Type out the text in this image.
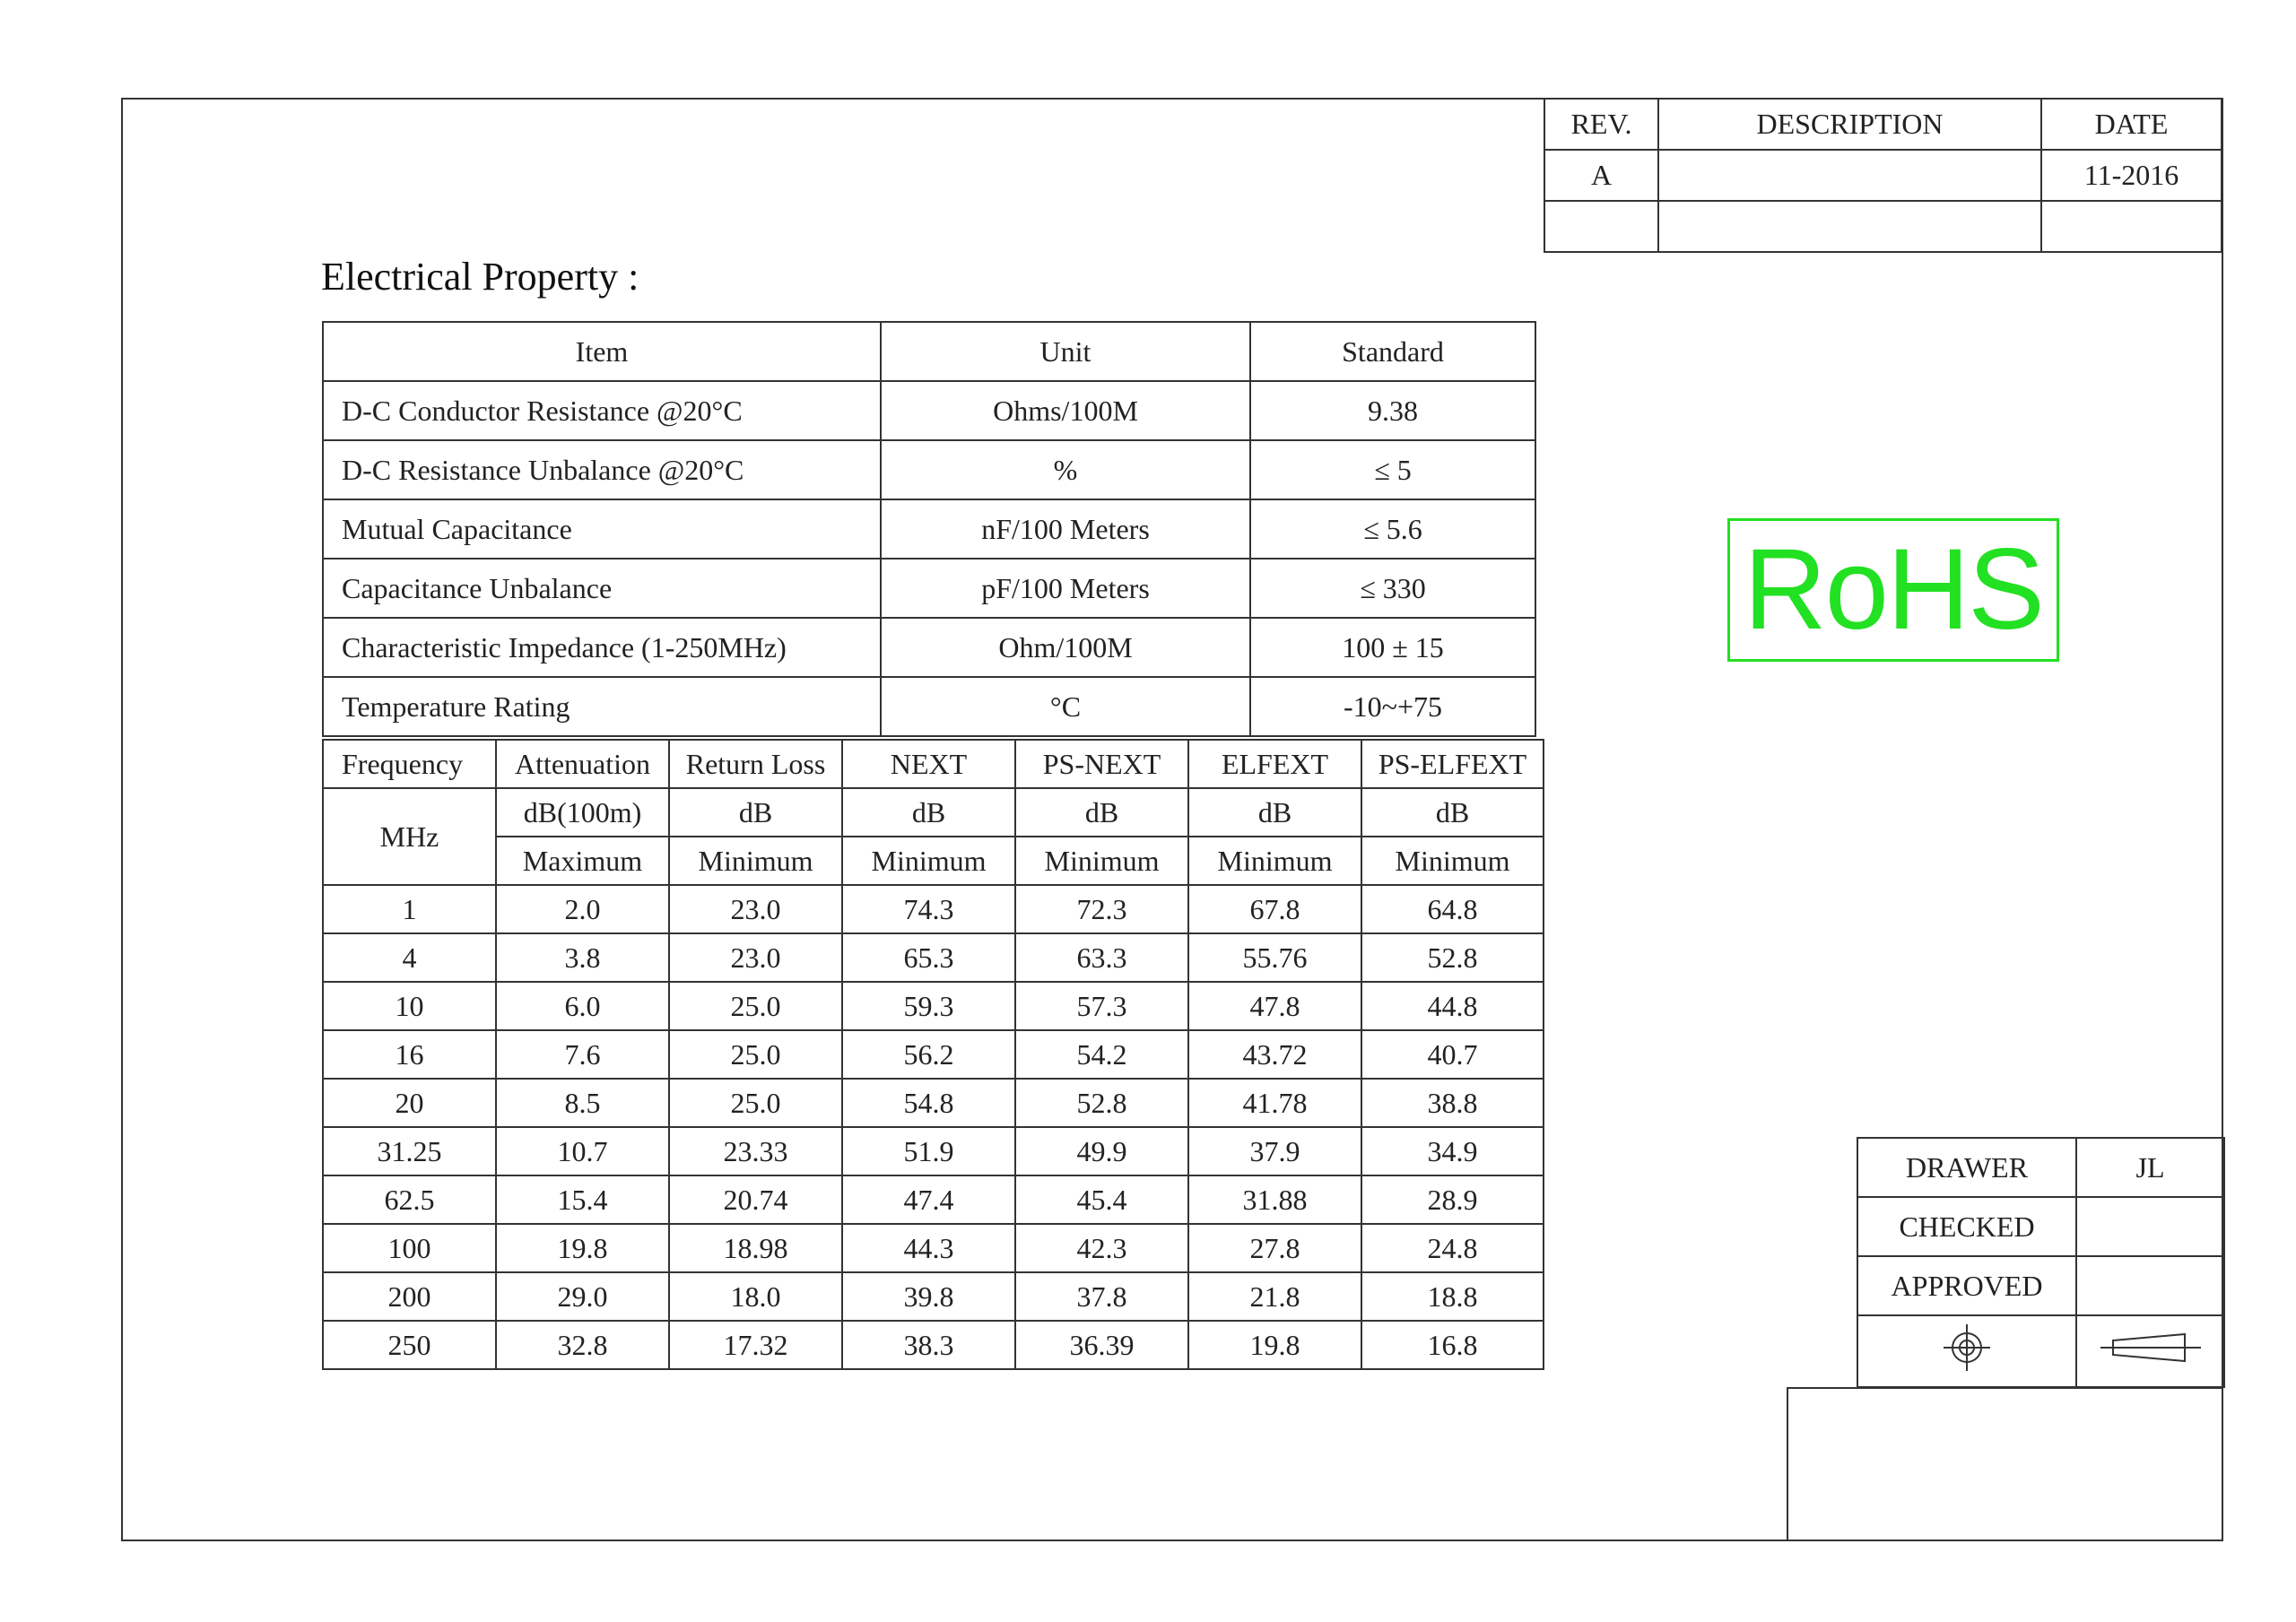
REV.	DESCRIPTION	DATE
A		11-2016

Electrical Property :
Item	Unit	Standard
D-C Conductor Resistance @20°C	Ohms/100M	9.38
D-C Resistance Unbalance @20°C	%	≤ 5
Mutual Capacitance	nF/100 Meters	≤ 5.6
Capacitance Unbalance	pF/100 Meters	≤ 330
Characteristic Impedance (1-250MHz)	Ohm/100M	100 ± 15
Temperature Rating	°C	-10~+75
Frequency	Attenuation	Return Loss	NEXT	PS-NEXT	ELFEXT	PS-ELFEXT
MHz	dB(100m)	dB	dB	dB	dB	dB
	Maximum	Minimum	Minimum	Minimum	Minimum	Minimum
1	2.0	23.0	74.3	72.3	67.8	64.8
4	3.8	23.0	65.3	63.3	55.76	52.8
10	6.0	25.0	59.3	57.3	47.8	44.8
16	7.6	25.0	56.2	54.2	43.72	40.7
20	8.5	25.0	54.8	52.8	41.78	38.8
31.25	10.7	23.33	51.9	49.9	37.9	34.9
62.5	15.4	20.74	47.4	45.4	31.88	28.9
100	19.8	18.98	44.3	42.3	27.8	24.8
200	29.0	18.0	39.8	37.8	21.8	18.8
250	32.8	17.32	38.3	36.39	19.8	16.8
RoHS
DRAWER	JL
CHECKED	
APPROVED	
